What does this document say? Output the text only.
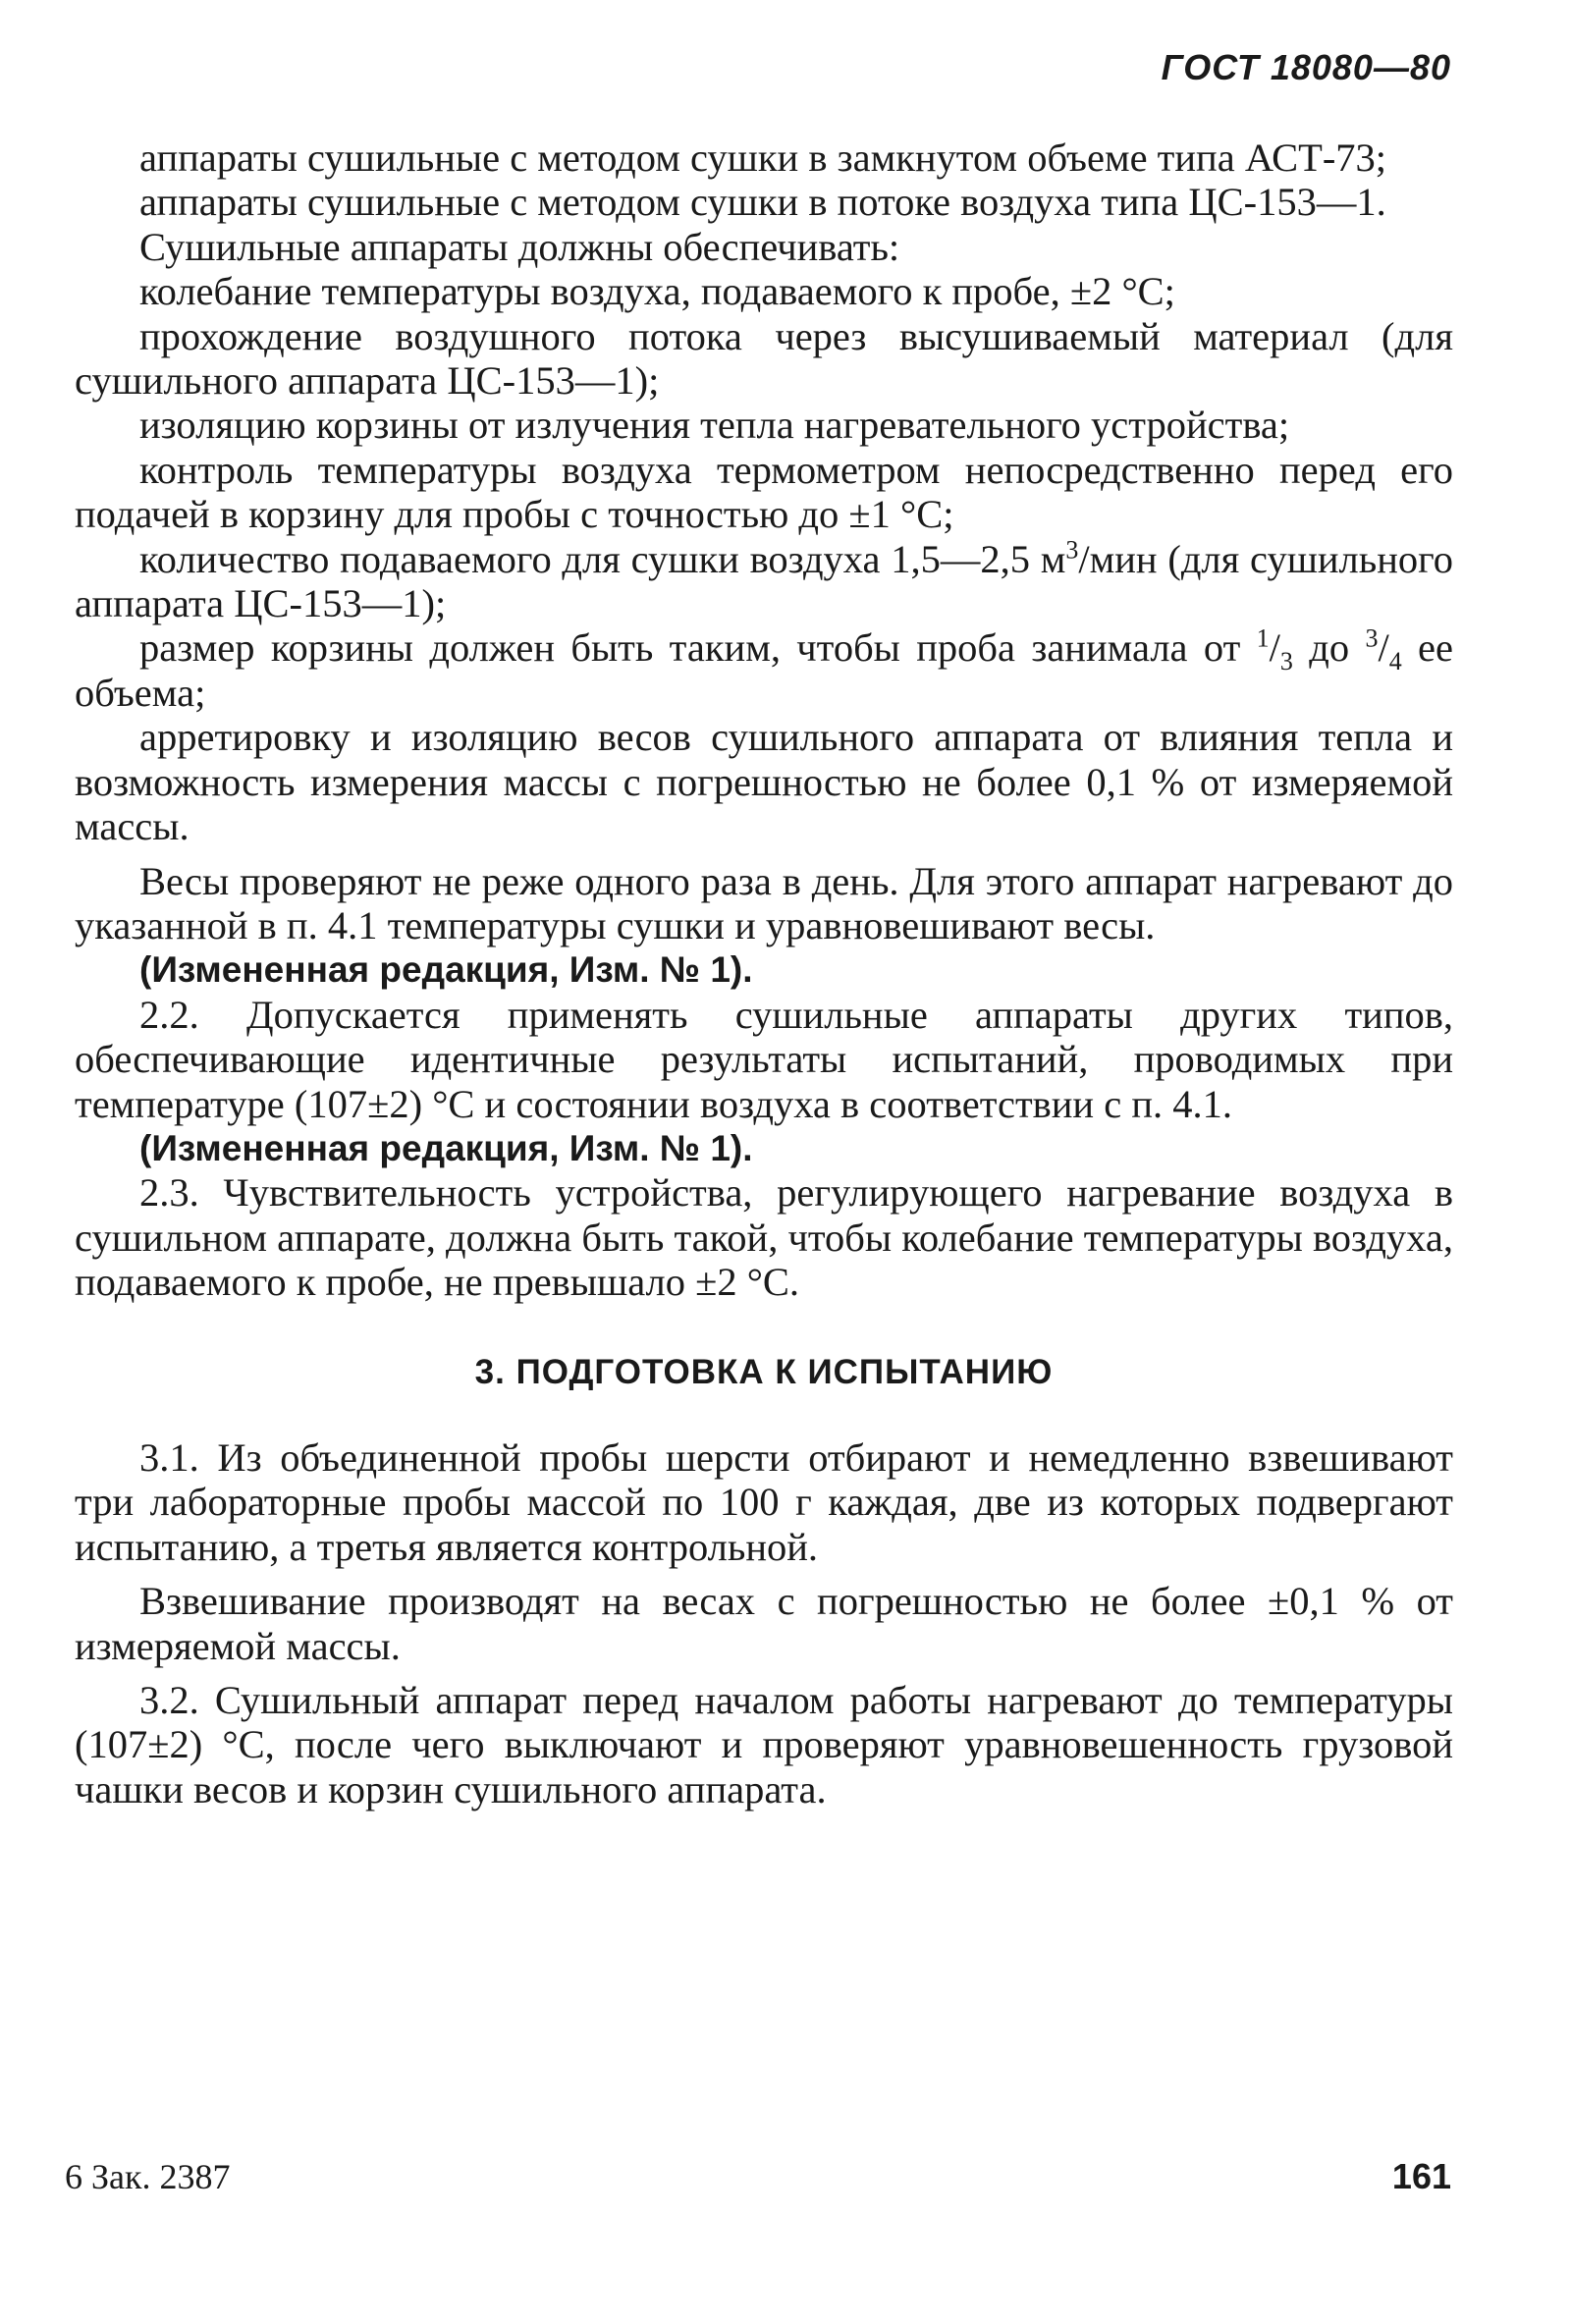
ГОСТ 18080—80

аппараты сушильные с методом сушки в замкнутом объеме типа АСТ-73;

аппараты сушильные с методом сушки в потоке воздуха типа ЦС-153—1.

Сушильные аппараты должны обеспечивать:

колебание температуры воздуха, подаваемого к пробе, ±2 °С;

прохождение воздушного потока через высушиваемый материал (для сушильного аппарата ЦС-153—1);

изоляцию корзины от излучения тепла нагревательного устройства;

контроль температуры воздуха термометром непосредственно перед его подачей в корзину для пробы с точностью до ±1 °С;

количество подаваемого для сушки воздуха 1,5—2,5 $м^3$/мин (для сушильного аппарата ЦС-153—1);

размер корзины должен быть таким, чтобы проба занимала от $^1/_3$ до $^3/_4$ ее объема;

арретировку и изоляцию весов сушильного аппарата от влияния тепла и возможность измерения массы с погрешностью не более 0,1 % от измеряемой массы.

Весы проверяют не реже одного раза в день. Для этого аппарат нагревают до указанной в п. 4.1 температуры сушки и уравновешивают весы.

(Измененная редакция, Изм. № 1).

2.2. Допускается применять сушильные аппараты других типов, обеспечивающие идентичные результаты испытаний, проводимых при температуре (107±2) °С и состоянии воздуха в соответствии с п. 4.1.

(Измененная редакция, Изм. № 1).

2.3. Чувствительность устройства, регулирующего нагревание воздуха в сушильном аппарате, должна быть такой, чтобы колебание температуры воздуха, подаваемого к пробе, не превышало ±2 °С.

3. ПОДГОТОВКА К ИСПЫТАНИЮ

3.1. Из объединенной пробы шерсти отбирают и немедленно взвешивают три лабораторные пробы массой по 100 г каждая, две из которых подвергают испытанию, а третья является контрольной.

Взвешивание производят на весах с погрешностью не более ±0,1 % от измеряемой массы.

3.2. Сушильный аппарат перед началом работы нагревают до температуры (107±2) °С, после чего выключают и проверяют уравновешенность грузовой чашки весов и корзин сушильного аппарата.

6 Зак. 2387	161
